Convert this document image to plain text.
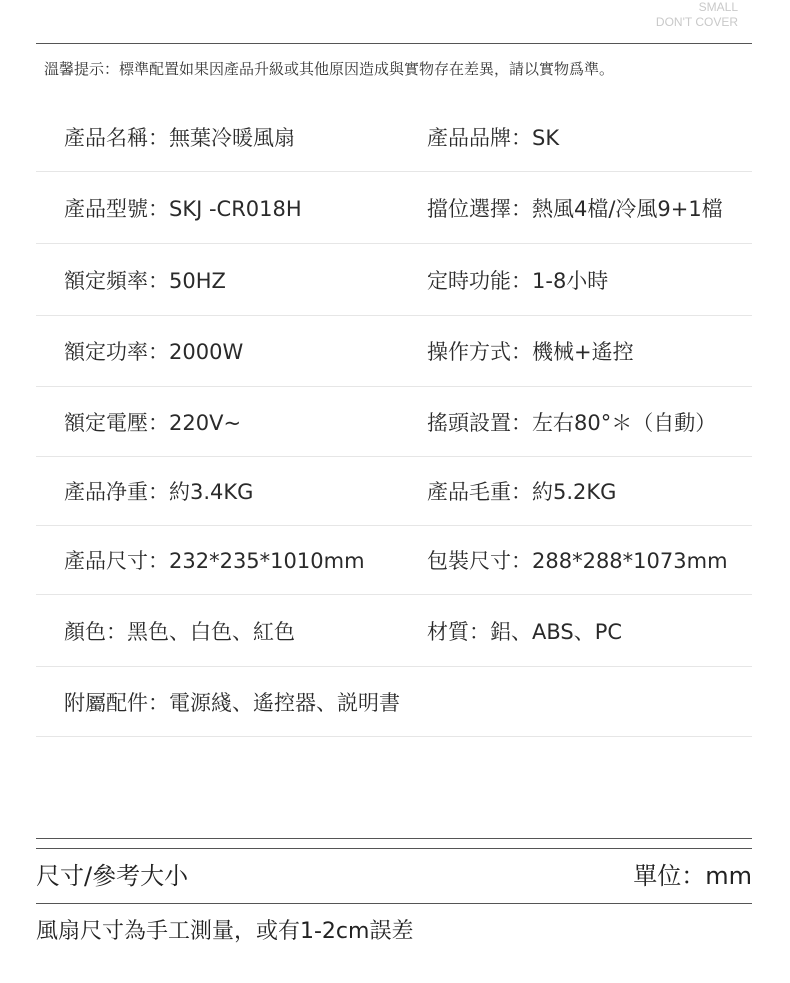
SMALL
DON'T COVER
溫馨提示：標準配置如果因產品升級或其他原因造成與實物存在差異，請以實物爲準。
產品名稱：無葉冷暖風扇	產品品牌：SK
產品型號：SKJ -CR018H	擋位選擇：熱風4檔/冷風9+1檔
額定頻率：50HZ	定時功能：1-8小時
額定功率：2000W	操作方式：機械+遙控
額定電壓：220V~	搖頭設置：左右80°＊（自動）
產品净重：約3.4KG	產品毛重：約5.2KG
產品尺寸：232*235*1010mm	包裝尺寸：288*288*1073mm
顏色：黑色、白色、紅色	材質：鋁、ABS、PC
附屬配件：電源綫、遙控器、説明書
尺寸/參考大小	單位：mm
風扇尺寸為手工測量，或有1-2cm誤差
